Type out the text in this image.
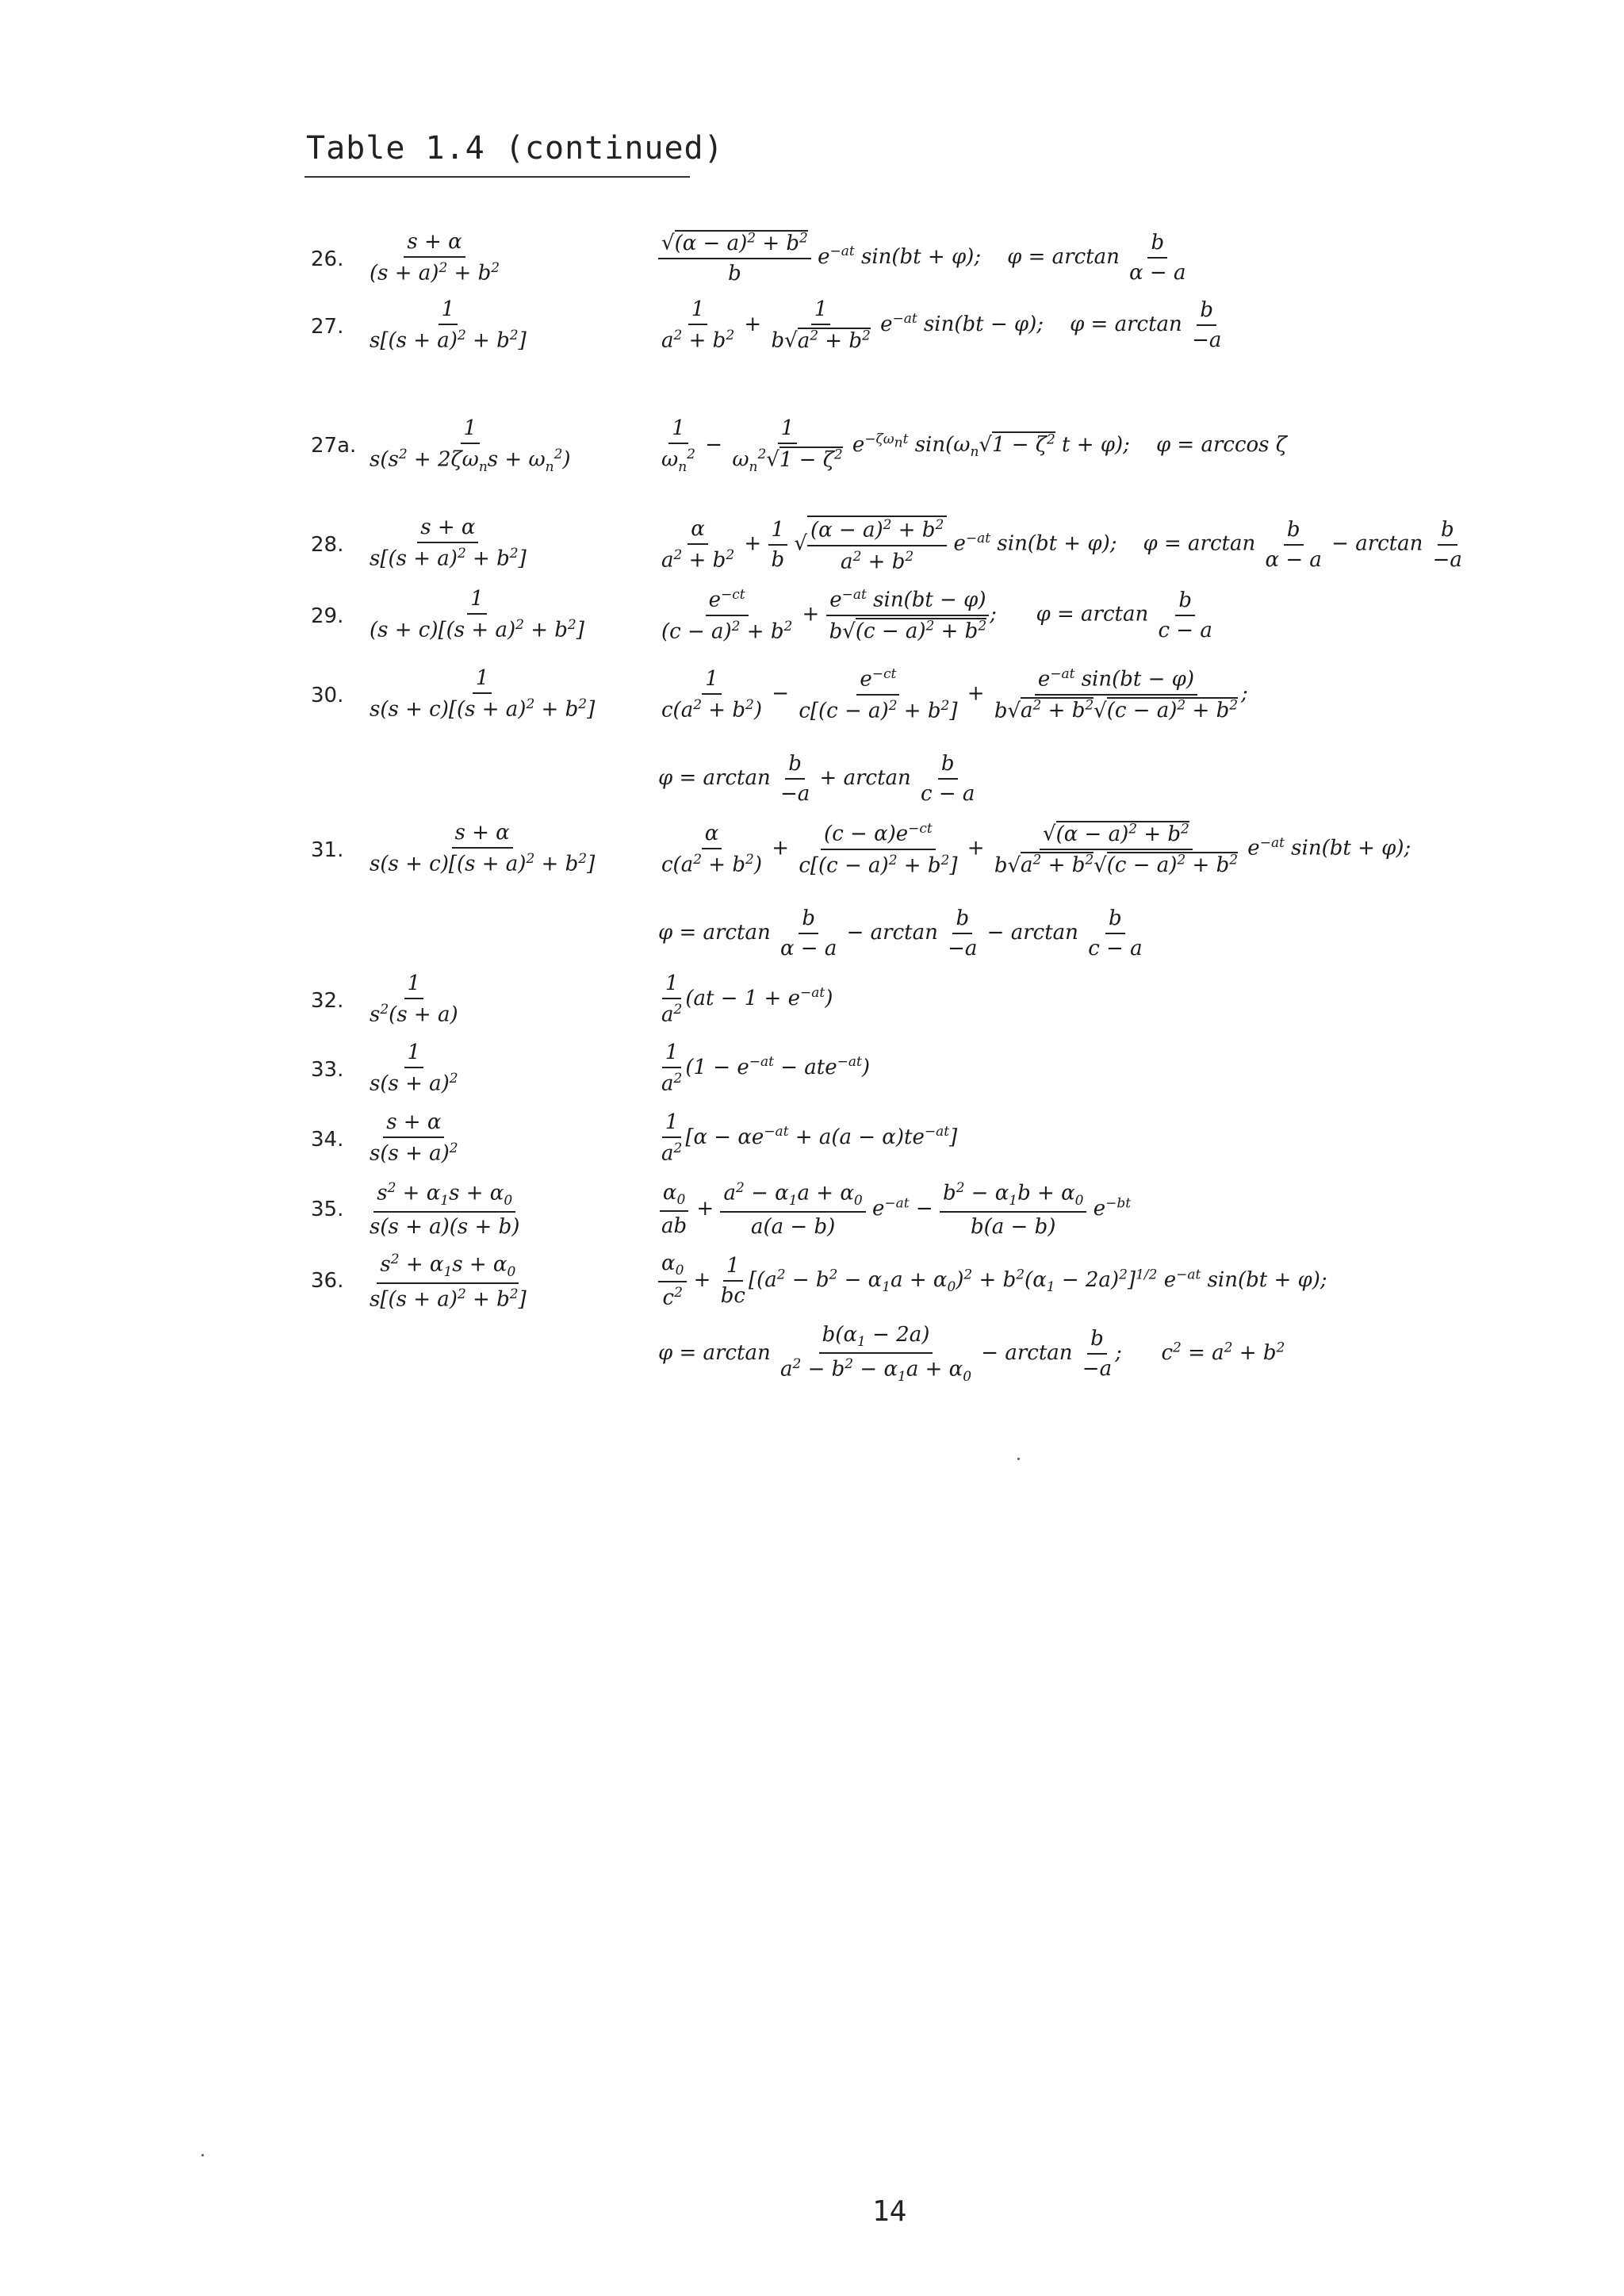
Table 1.4 (continued)
26. $\frac{s + \alpha}{(s + a)^2 + b^2}$	$\frac{√(\alpha - a)^2 + b^2}{b} e^{-at}$ sin(bt + φ);    $\varphi = \arctan \frac{b}{\alpha - a}$
27. $\frac{1}{s[(s + a)^2 + b^2]}$	$\frac{1}{a^2 + b^2} + \frac{1}{b√a^2 + b^2} e^{-at}$ sin(bt − φ);    $\varphi = \arctan \frac{b}{-a}$
27a. $\frac{1}{s(s^2 + 2\zeta\omega_ns + \omega_n^2)}$	$\frac{1}{\omega_n^2} - \frac{1}{\omega_n^2√1 - \zeta^2} e^{-\zeta\omega_nt}$ $\sin(\omega_n√1 - \zeta^2$ t + φ);    φ = arccos ζ
28. $\frac{s + \alpha}{s[(s + a)^2 + b^2]}$	$\frac{\alpha}{a^2 + b^2} + \frac{1}{b}$ √ $\frac{(\alpha - a)^2 + b^2}{a^2 + b^2} e^{-at}$ sin(bt + φ);    $\varphi = \arctan \frac{b}{\alpha - a} - \arctan \frac{b}{-a}$
29. $\frac{1}{(s + c)[(s + a)^2 + b^2]}$	$\frac{e^{-ct}}{(c - a)^2 + b^2} + \frac{e^{-at} \sin(bt - \varphi)}{b√(c - a)^2 + b^2}$ ;      $\varphi = \arctan \frac{b}{c - a}$
30. $\frac{1}{s(s + c)[(s + a)^2 + b^2]}$	$\frac{1}{c(a^2 + b^2)} - \frac{e^{-ct}}{c[(c - a)^2 + b^2]} + \frac{e^{-at} \sin(bt - \varphi)}{b√a^2 + b^2√(c - a)^2 + b^2}$ ;
$\varphi = \arctan \frac{b}{-a} + \arctan \frac{b}{c - a}$
31. $\frac{s + \alpha}{s(s + c)[(s + a)^2 + b^2]}$	$\frac{\alpha}{c(a^2 + b^2)} + \frac{(c - \alpha)e^{-ct}}{c[(c - a)^2 + b^2]} + \frac{√(\alpha - a)^2 + b^2}{b√a^2 + b^2√(c - a)^2 + b^2} e^{-at}$ sin(bt + φ);
$\varphi = \arctan \frac{b}{\alpha - a} - \arctan \frac{b}{-a} - \arctan \frac{b}{c - a}$
32. $\frac{1}{s^2(s + a)}$	$\frac{1}{a^2} (at - 1 + e^{-at})$
33. $\frac{1}{s(s + a)^2}$	$\frac{1}{a^2} (1 - e^{-at} - ate^{-at})$
34. $\frac{s + \alpha}{s(s + a)^2}$	$\frac{1}{a^2} [\alpha - \alpha e^{-at} + a(a - \alpha)te^{-at}]$
35. $\frac{s^2 + \alpha_1s + \alpha_0}{s(s + a)(s + b)}$	$\frac{\alpha_0}{ab} + \frac{a^2 - \alpha_1a + \alpha_0}{a(a - b)} e^{-at} - \frac{b^2 - \alpha_1b + \alpha_0}{b(a - b)} e^{-bt}$
36. $\frac{s^2 + \alpha_1s + \alpha_0}{s[(s + a)^2 + b^2]}$	$\frac{\alpha_0}{c^2} + \frac{1}{bc} [(a^2 - b^2 - \alpha_1a + \alpha_0)^2 + b^2(\alpha_1 - 2a)^2]^{1/2}$ $e^{-at}$ sin(bt + φ);
$\varphi = \arctan \frac{b(\alpha_1 - 2a)}{a^2 - b^2 - \alpha_1a + \alpha_0} - \arctan \frac{b}{-a}$ ;      $c^2 = a^2 + b^2$
14
